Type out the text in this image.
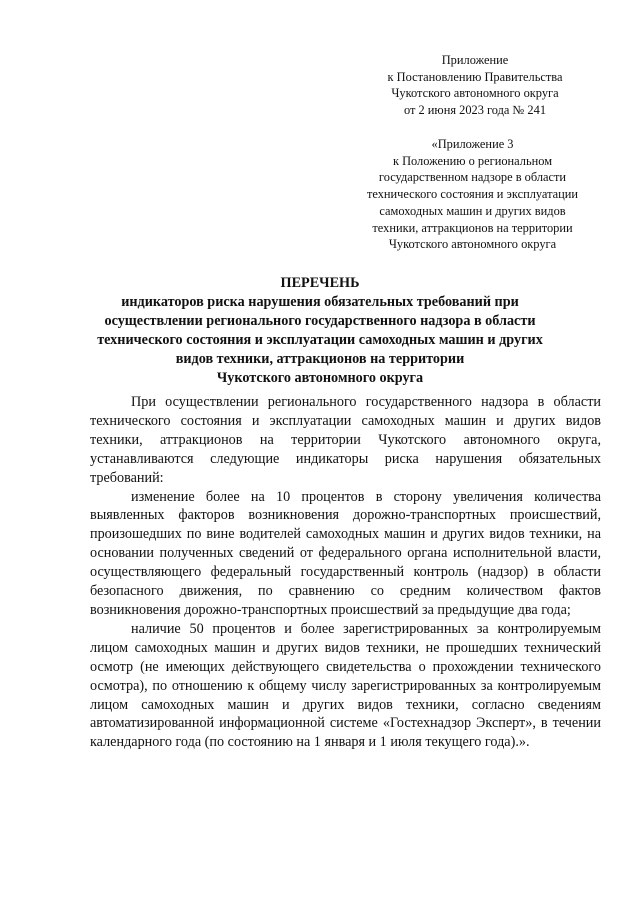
Приложение
к Постановлению Правительства
Чукотского автономного округа
от 2 июня 2023 года № 241
«Приложение 3
к Положению о региональном
государственном надзоре в области
технического состояния и эксплуатации
самоходных машин и других видов
техники, аттракционов на территории
Чукотского автономного округа
ПЕРЕЧЕНЬ
индикаторов риска нарушения обязательных требований при
осуществлении регионального государственного надзора в области
технического состояния и эксплуатации самоходных машин и других
видов техники, аттракционов на территории
Чукотского автономного округа

При осуществлении регионального государственного надзора в области технического состояния и эксплуатации самоходных машин и других видов техники, аттракционов на территории Чукотского автономного округа, устанавливаются следующие индикаторы риска нарушения обязательных требований:

изменение более на 10 процентов в сторону увеличения количества выявленных факторов возникновения дорожно-транспортных происшествий, произошедших по вине водителей самоходных машин и других видов техники, на основании полученных сведений от федерального органа исполнительной власти, осуществляющего федеральный государственный контроль (надзор) в области безопасного движения, по сравнению со средним количеством фактов возникновения дорожно-транспортных происшествий за предыдущие два года;

наличие 50 процентов и более зарегистрированных за контролируемым лицом самоходных машин и других видов техники, не прошедших технический осмотр (не имеющих действующего свидетельства о прохождении технического осмотра), по отношению к общему числу зарегистрированных за контролируемым лицом самоходных машин и других видов техники, согласно сведениям автоматизированной информационной системе «Гостехнадзор Эксперт», в течении календарного года (по состоянию на 1 января и 1 июля текущего года).».
